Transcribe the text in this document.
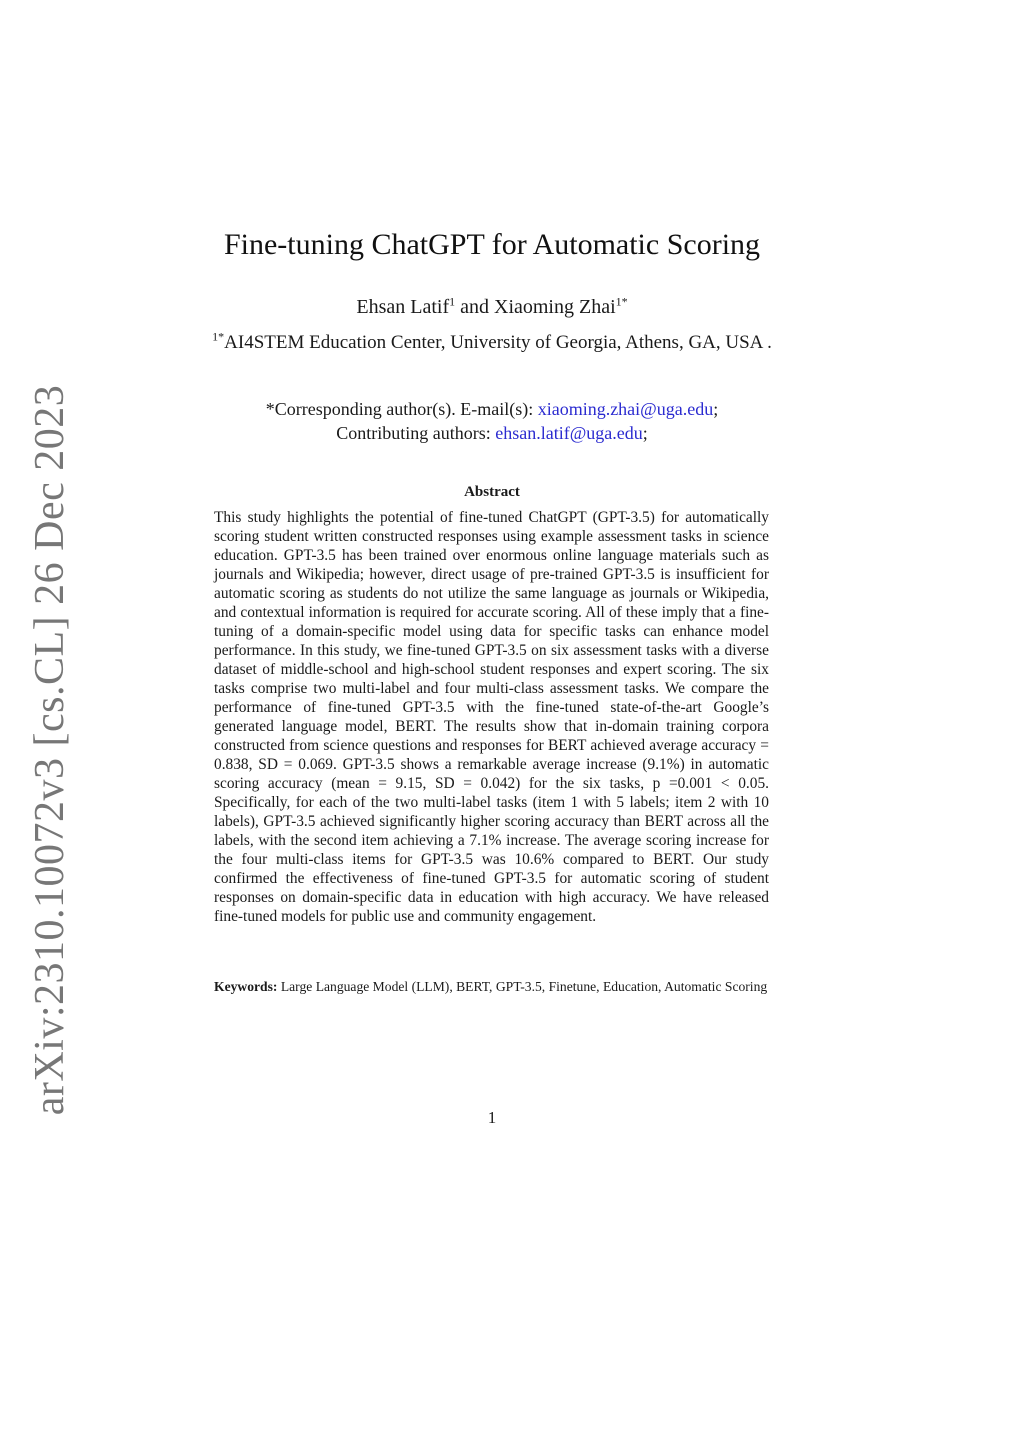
arXiv:2310.10072v3 [cs.CL] 26 Dec 2023
Fine-tuning ChatGPT for Automatic Scoring
Ehsan Latif$^1$ and Xiaoming Zhai$^{1*}$
$^{1*}$AI4STEM Education Center, University of Georgia, Athens, GA, USA .
*Corresponding author(s). E-mail(s): xiaoming.zhai@uga.edu;
Contributing authors: ehsan.latif@uga.edu;
Abstract
This study highlights the potential of fine-tuned ChatGPT (GPT-3.5) for automatically scoring student written constructed responses using example assessment tasks in science education. GPT-3.5 has been trained over enormous online language materials such as journals and Wikipedia; however, direct usage of pre-trained GPT-3.5 is insufficient for automatic scoring as students do not utilize the same language as journals or Wikipedia, and contextual information is required for accurate scoring. All of these imply that a fine-tuning of a domain-specific model using data for specific tasks can enhance model performance. In this study, we fine-tuned GPT-3.5 on six assessment tasks with a diverse dataset of middle-school and high-school student responses and expert scoring. The six tasks comprise two multi-label and four multi-class assessment tasks. We compare the performance of fine-tuned GPT-3.5 with the fine-tuned state-of-the-art Google’s generated language model, BERT. The results show that in-domain training corpora constructed from science questions and responses for BERT achieved average accuracy = 0.838, SD = 0.069. GPT-3.5 shows a remarkable average increase (9.1%) in automatic scoring accuracy (mean = 9.15, SD = 0.042) for the six tasks, p =0.001 < 0.05. Specifically, for each of the two multi-label tasks (item 1 with 5 labels; item 2 with 10 labels), GPT-3.5 achieved significantly higher scoring accuracy than BERT across all the labels, with the second item achieving a 7.1% increase. The average scoring increase for the four multi-class items for GPT-3.5 was 10.6% compared to BERT. Our study confirmed the effectiveness of fine-tuned GPT-3.5 for automatic scoring of student responses on domain-specific data in education with high accuracy. We have released fine-tuned models for public use and community engagement.
Keywords: Large Language Model (LLM), BERT, GPT-3.5, Finetune, Education, Automatic Scoring
1
